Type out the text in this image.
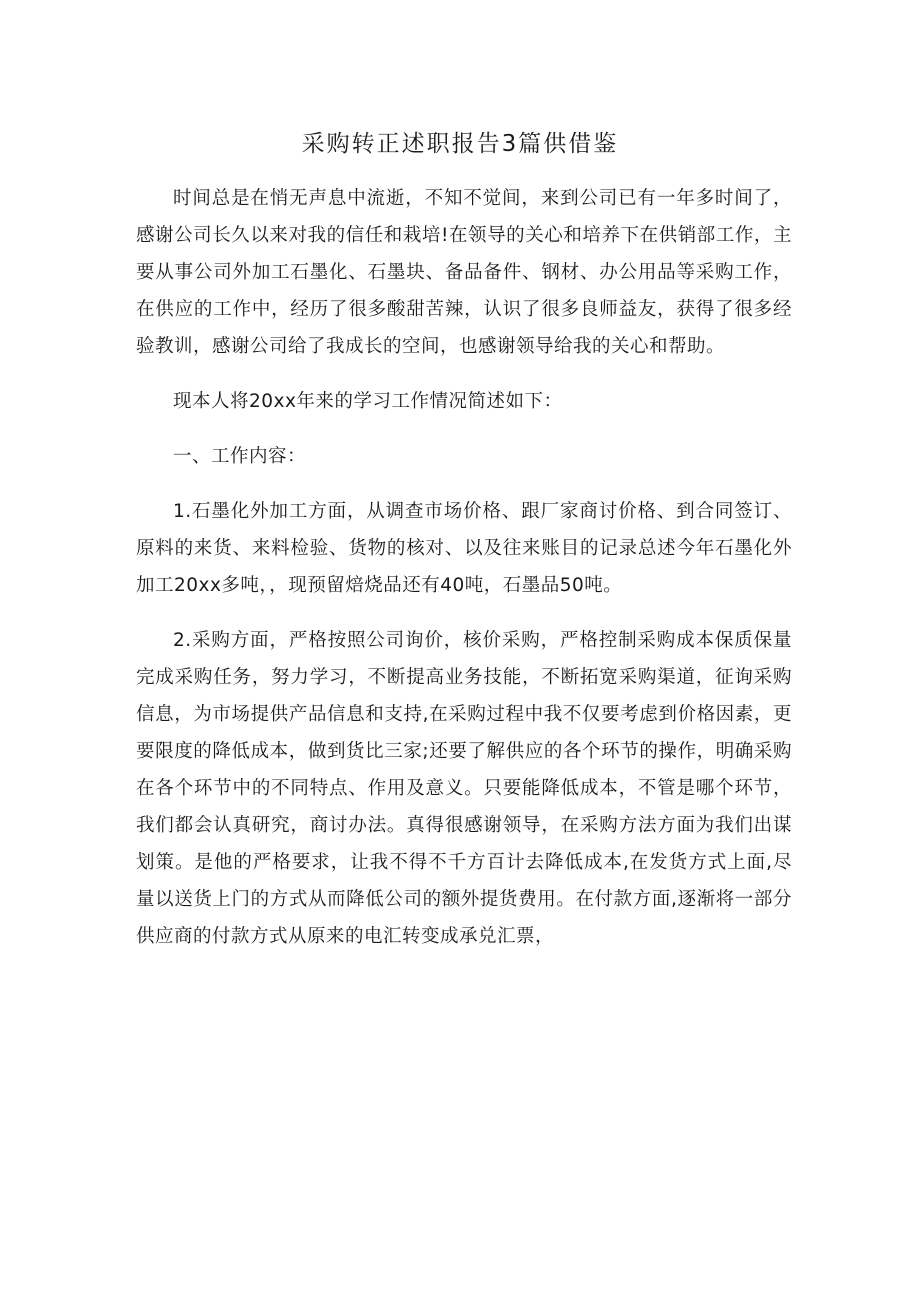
采购转正述职报告3篇供借鉴

时间总是在悄无声息中流逝，不知不觉间，来到公司已有一年多时间了，感谢公司长久以来对我的信任和栽培!在领导的关心和培养下在供销部工作，主要从事公司外加工石墨化、石墨块、备品备件、钢材、办公用品等采购工作，在供应的工作中，经历了很多酸甜苦辣，认识了很多良师益友，获得了很多经验教训，感谢公司给了我成长的空间，也感谢领导给我的关心和帮助。

现本人将20xx年来的学习工作情况简述如下：

一、工作内容：

1.石墨化外加工方面，从调查市场价格、跟厂家商讨价格、到合同签订、原料的来货、来料检验、货物的核对、以及往来账目的记录总述今年石墨化外加工20xx多吨，，现预留焙烧品还有40吨，石墨品50吨。

2.采购方面，严格按照公司询价，核价采购，严格控制采购成本保质保量完成采购任务，努力学习，不断提高业务技能，不断拓宽采购渠道，征询采购信息，为市场提供产品信息和支持,在采购过程中我不仅要考虑到价格因素，更要限度的降低成本，做到货比三家;还要了解供应的各个环节的操作，明确采购在各个环节中的不同特点、作用及意义。只要能降低成本，不管是哪个环节，我们都会认真研究，商讨办法。真得很感谢领导，在采购方法方面为我们出谋划策。是他的严格要求，让我不得不千方百计去降低成本,在发货方式上面,尽量以送货上门的方式从而降低公司的额外提货费用。在付款方面,逐渐将一部分供应商的付款方式从原来的电汇转变成承兑汇票，
